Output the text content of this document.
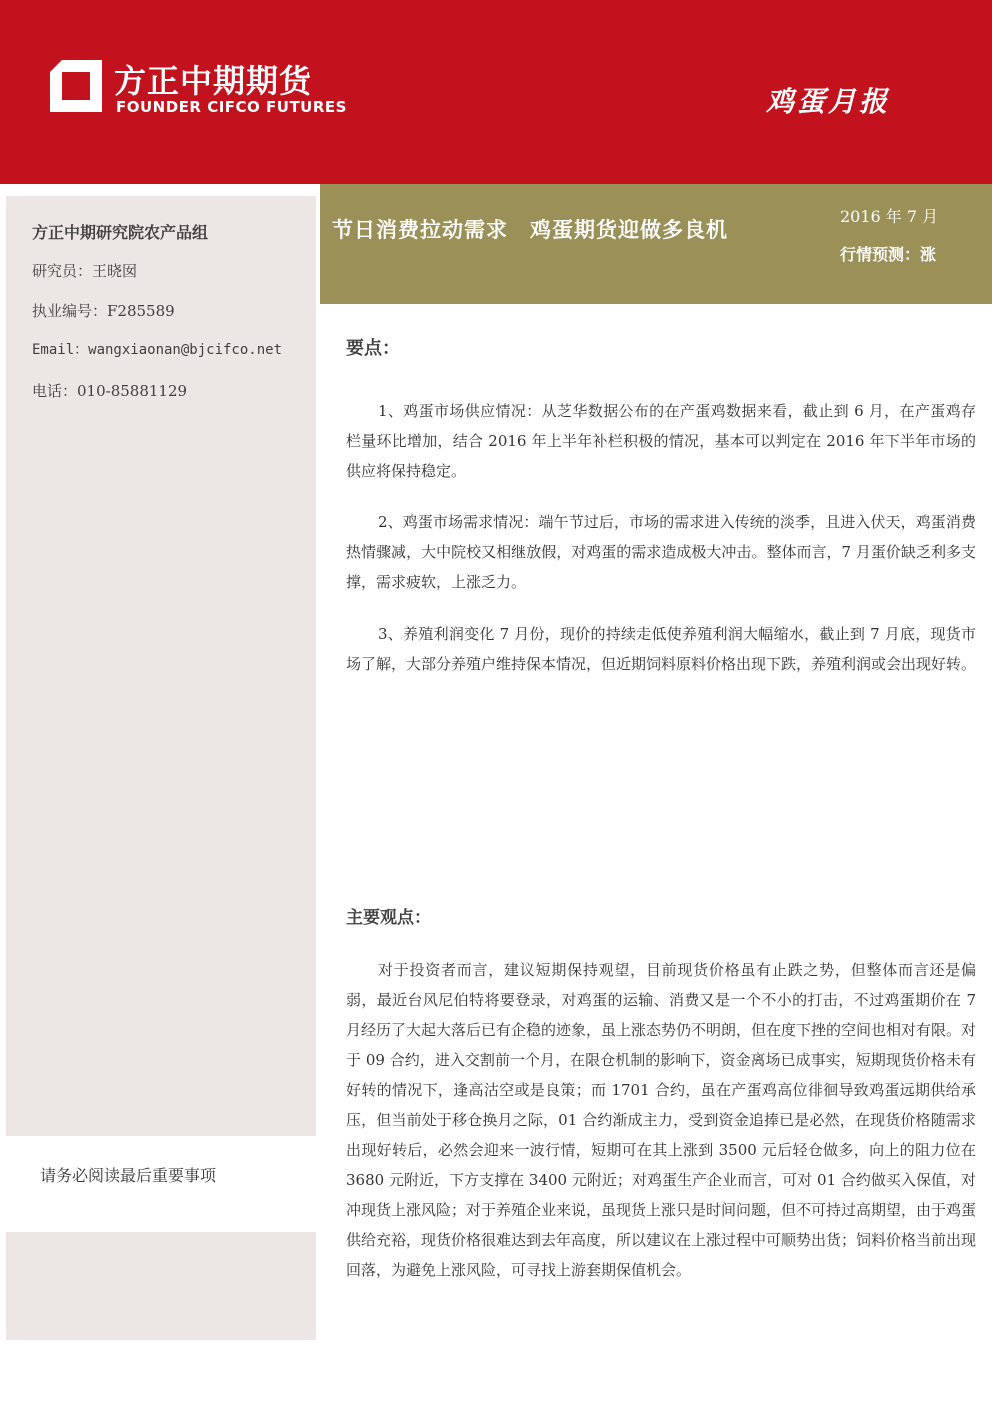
方正中期期货
FOUNDER CIFCO FUTURES	鸡蛋月报
方正中期研究院农产品组
研究员：王晓囡
执业编号：F285589
Email：wangxiaonan@bjcifco.net
电话：010-85881129
请务必阅读最后重要事项
节日消费拉动需求　鸡蛋期货迎做多良机
2016 年 7 月
行情预测：涨
要点：

1、鸡蛋市场供应情况：从芝华数据公布的在产蛋鸡数据来看，截止到 6 月，在产蛋鸡存栏量环比增加，结合 2016 年上半年补栏积极的情况，基本可以判定在 2016 年下半年市场的供应将保持稳定。

2、鸡蛋市场需求情况：端午节过后，市场的需求进入传统的淡季，且进入伏天，鸡蛋消费热情骤减，大中院校又相继放假，对鸡蛋的需求造成极大冲击。整体而言，7 月蛋价缺乏利多支撑，需求疲软，上涨乏力。

3、养殖利润变化 7 月份，现价的持续走低使养殖利润大幅缩水，截止到 7 月底，现货市场了解，大部分养殖户维持保本情况，但近期饲料原料价格出现下跌，养殖利润或会出现好转。

主要观点：

对于投资者而言，建议短期保持观望，目前现货价格虽有止跌之势，但整体而言还是偏弱，最近台风尼伯特将要登录，对鸡蛋的运输、消费又是一个不小的打击，不过鸡蛋期价在 7 月经历了大起大落后已有企稳的迹象，虽上涨态势仍不明朗，但在度下挫的空间也相对有限。对于 09 合约，进入交割前一个月，在限仓机制的影响下，资金离场已成事实，短期现货价格未有好转的情况下，逢高沽空或是良策；而 1701 合约，虽在产蛋鸡高位徘徊导致鸡蛋远期供给承压，但当前处于移仓换月之际，01 合约渐成主力，受到资金追捧已是必然，在现货价格随需求出现好转后，必然会迎来一波行情，短期可在其上涨到 3500 元后轻仓做多，向上的阻力位在 3680 元附近，下方支撑在 3400 元附近；对鸡蛋生产企业而言，可对 01 合约做买入保值，对冲现货上涨风险；对于养殖企业来说，虽现货上涨只是时间问题，但不可持过高期望，由于鸡蛋供给充裕，现货价格很难达到去年高度，所以建议在上涨过程中可顺势出货；饲料价格当前出现回落，为避免上涨风险，可寻找上游套期保值机会。
